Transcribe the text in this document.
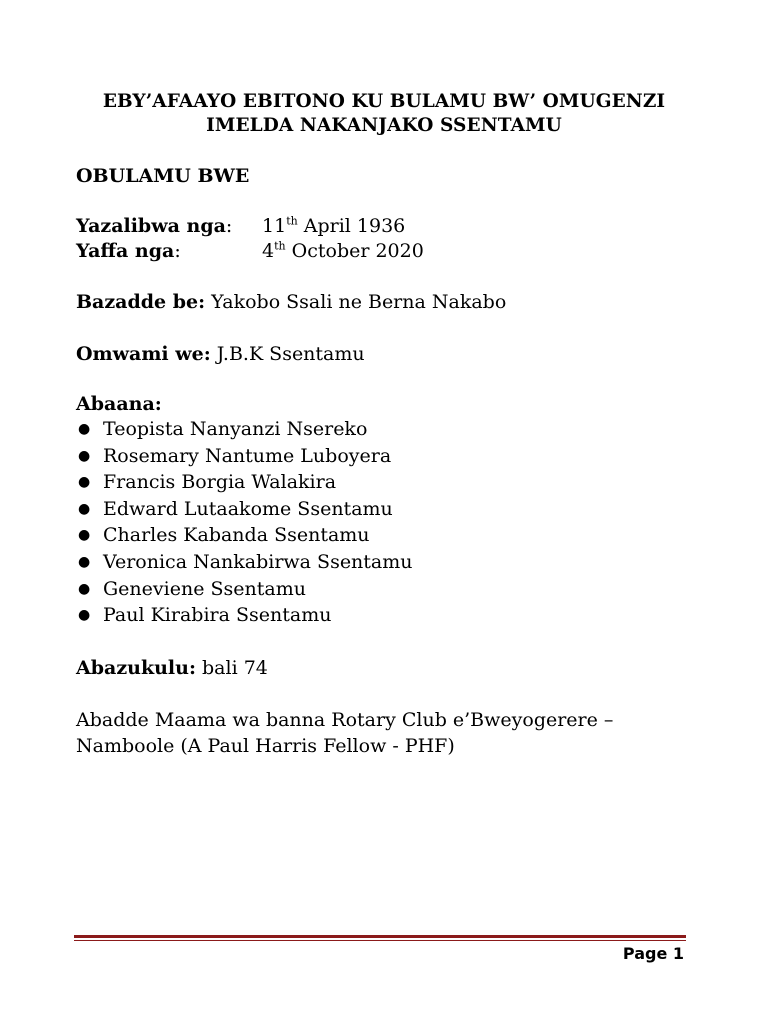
EBY’AFAAYO EBITONO KU BULAMU BW’ OMUGENZI
IMELDA NAKANJAKO SSENTAMU
OBULAMU BWE
Yazalibwa nga: 11th April 1936
Yaffa nga:	4th October 2020
Bazadde be: Yakobo Ssali ne Berna Nakabo
Omwami we: J.B.K Ssentamu
Abaana:
● Teopista Nanyanzi Nsereko
● Rosemary Nantume Luboyera
● Francis Borgia Walakira
● Edward Lutaakome Ssentamu
● Charles Kabanda Ssentamu
● Veronica Nankabirwa Ssentamu
● Geneviene Ssentamu
● Paul Kirabira Ssentamu
Abazukulu: bali 74
Abadde Maama wa banna Rotary Club e’Bweyogerere –
Namboole (A Paul Harris Fellow - PHF)
Page 1
